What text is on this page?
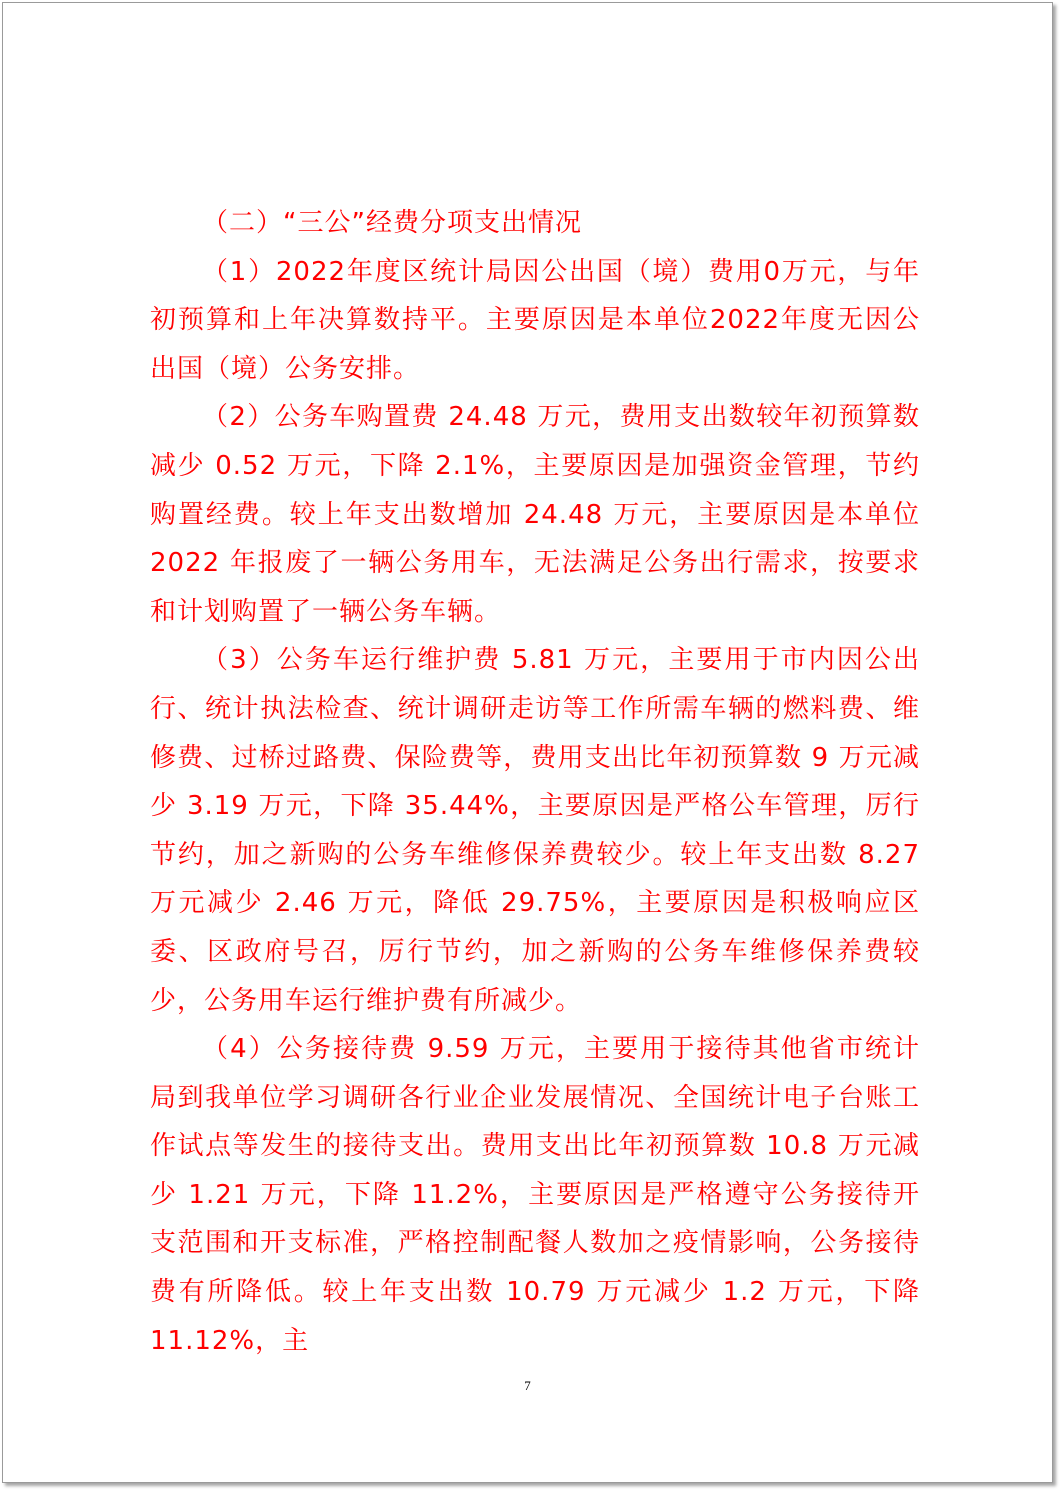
（二）“三公”经费分项支出情况

（1）2022年度区统计局因公出国（境）费用0万元，与年初预算和上年决算数持平。主要原因是本单位2022年度无因公出国（境）公务安排。

（2）公务车购置费 24.48 万元，费用支出数较年初预算数减少 0.52 万元，下降 2.1%，主要原因是加强资金管理，节约购置经费。较上年支出数增加 24.48 万元，主要原因是本单位 2022 年报废了一辆公务用车，无法满足公务出行需求，按要求和计划购置了一辆公务车辆。

（3）公务车运行维护费 5.81 万元，主要用于市内因公出行、统计执法检查、统计调研走访等工作所需车辆的燃料费、维修费、过桥过路费、保险费等，费用支出比年初预算数 9 万元减少 3.19 万元，下降 35.44%，主要原因是严格公车管理，厉行节约，加之新购的公务车维修保养费较少。较上年支出数 8.27 万元减少 2.46 万元，降低 29.75%，主要原因是积极响应区委、区政府号召，厉行节约，加之新购的公务车维修保养费较少，公务用车运行维护费有所减少。

（4）公务接待费 9.59 万元，主要用于接待其他省市统计局到我单位学习调研各行业企业发展情况、全国统计电子台账工作试点等发生的接待支出。费用支出比年初预算数 10.8 万元减少 1.21 万元，下降 11.2%，主要原因是严格遵守公务接待开支范围和开支标准，严格控制配餐人数加之疫情影响，公务接待费有所降低。较上年支出数 10.79 万元减少 1.2 万元，下降 11.12%，主

7
